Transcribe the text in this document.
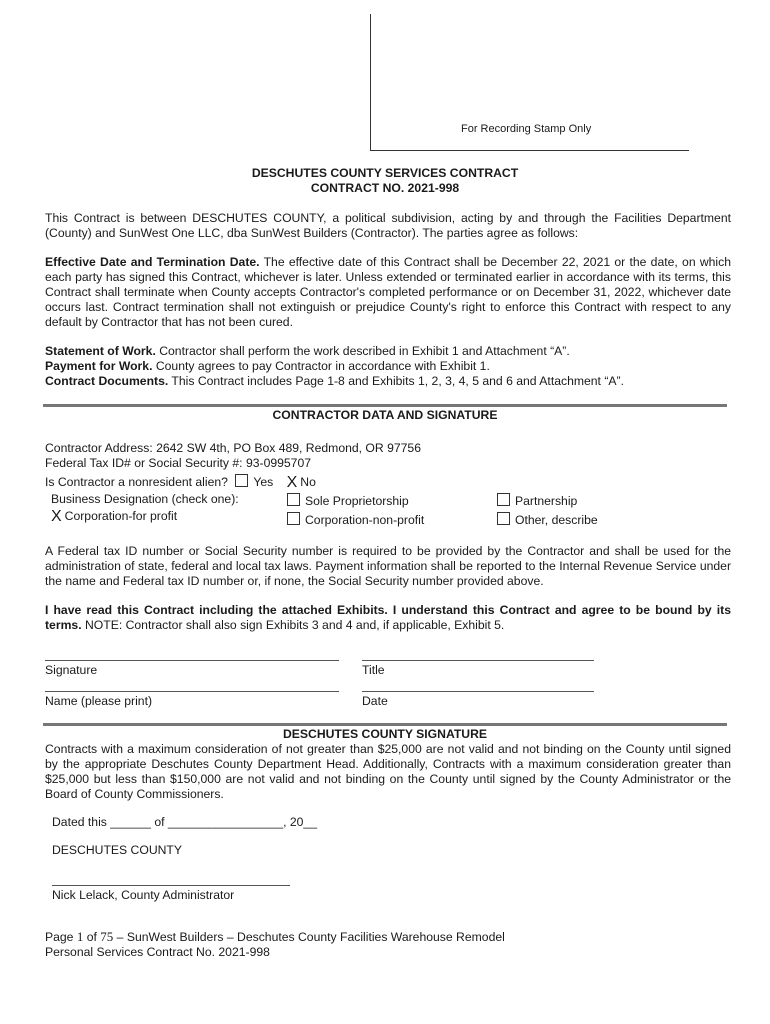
For Recording Stamp Only
DESCHUTES COUNTY SERVICES CONTRACT
CONTRACT NO. 2021-998
This Contract is between DESCHUTES COUNTY, a political subdivision, acting by and through the Facilities Department (County) and SunWest One LLC, dba SunWest Builders (Contractor). The parties agree as follows:
Effective Date and Termination Date. The effective date of this Contract shall be December 22, 2021 or the date, on which each party has signed this Contract, whichever is later. Unless extended or terminated earlier in accordance with its terms, this Contract shall terminate when County accepts Contractor's completed performance or on December 31, 2022, whichever date occurs last. Contract termination shall not extinguish or prejudice County's right to enforce this Contract with respect to any default by Contractor that has not been cured.
Statement of Work. Contractor shall perform the work described in Exhibit 1 and Attachment “A”.
Payment for Work. County agrees to pay Contractor in accordance with Exhibit 1.
Contract Documents. This Contract includes Page 1-8 and Exhibits 1, 2, 3, 4, 5 and 6 and Attachment “A”.
CONTRACTOR DATA AND SIGNATURE
Contractor Address: 2642 SW 4th, PO Box 489, Redmond, OR 97756
Federal Tax ID# or Social Security #: 93-0995707
Is Contractor a nonresident alien? Yes X No
Business Designation (check one):
X Corporation-for profit
Sole Proprietorship
Corporation-non-profit
Partnership
Other, describe
A Federal tax ID number or Social Security number is required to be provided by the Contractor and shall be used for the administration of state, federal and local tax laws. Payment information shall be reported to the Internal Revenue Service under the name and Federal tax ID number or, if none, the Social Security number provided above.
I have read this Contract including the attached Exhibits. I understand this Contract and agree to be bound by its terms. NOTE: Contractor shall also sign Exhibits 3 and 4 and, if applicable, Exhibit 5.
Signature	Title
Name (please print)	Date
DESCHUTES COUNTY SIGNATURE
Contracts with a maximum consideration of not greater than $25,000 are not valid and not binding on the County until signed by the appropriate Deschutes County Department Head. Additionally, Contracts with a maximum consideration greater than $25,000 but less than $150,000 are not valid and not binding on the County until signed by the County Administrator or the Board of County Commissioners.
Dated this ______ of _________________, 20__
DESCHUTES COUNTY
Nick Lelack, County Administrator
Page 1 of 75 – SunWest Builders – Deschutes County Facilities Warehouse Remodel
Personal Services Contract No. 2021-998
